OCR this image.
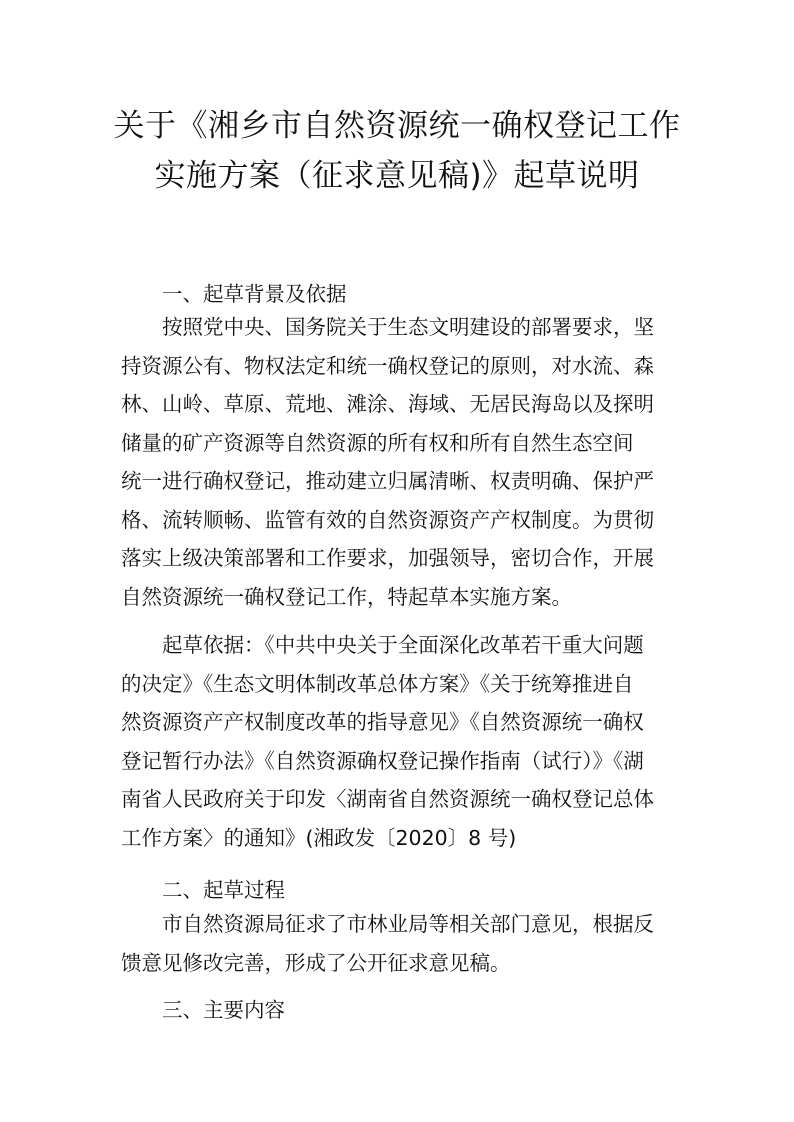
关于《湘乡市自然资源统一确权登记工作
实施方案（征求意见稿)》起草说明
一、起草背景及依据
　　按照党中央、国务院关于生态文明建设的部署要求，坚
持资源公有、物权法定和统一确权登记的原则，对水流、森
林、山岭、草原、荒地、滩涂、海域、无居民海岛以及探明
储量的矿产资源等自然资源的所有权和所有自然生态空间
统一进行确权登记，推动建立归属清晰、权责明确、保护严
格、流转顺畅、监管有效的自然资源资产产权制度。为贯彻
落实上级决策部署和工作要求，加强领导，密切合作，开展
自然资源统一确权登记工作，特起草本实施方案。
　　起草依据：《中共中央关于全面深化改革若干重大问题
的决定》《生态文明体制改革总体方案》《关于统筹推进自
然资源资产产权制度改革的指导意见》《自然资源统一确权
登记暂行办法》《自然资源确权登记操作指南（试行）》《湖
南省人民政府关于印发〈湖南省自然资源统一确权登记总体
工作方案〉的通知》(湘政发〔2020〕8 号)
二、起草过程
　　市自然资源局征求了市林业局等相关部门意见，根据反
馈意见修改完善，形成了公开征求意见稿。
三、主要内容
